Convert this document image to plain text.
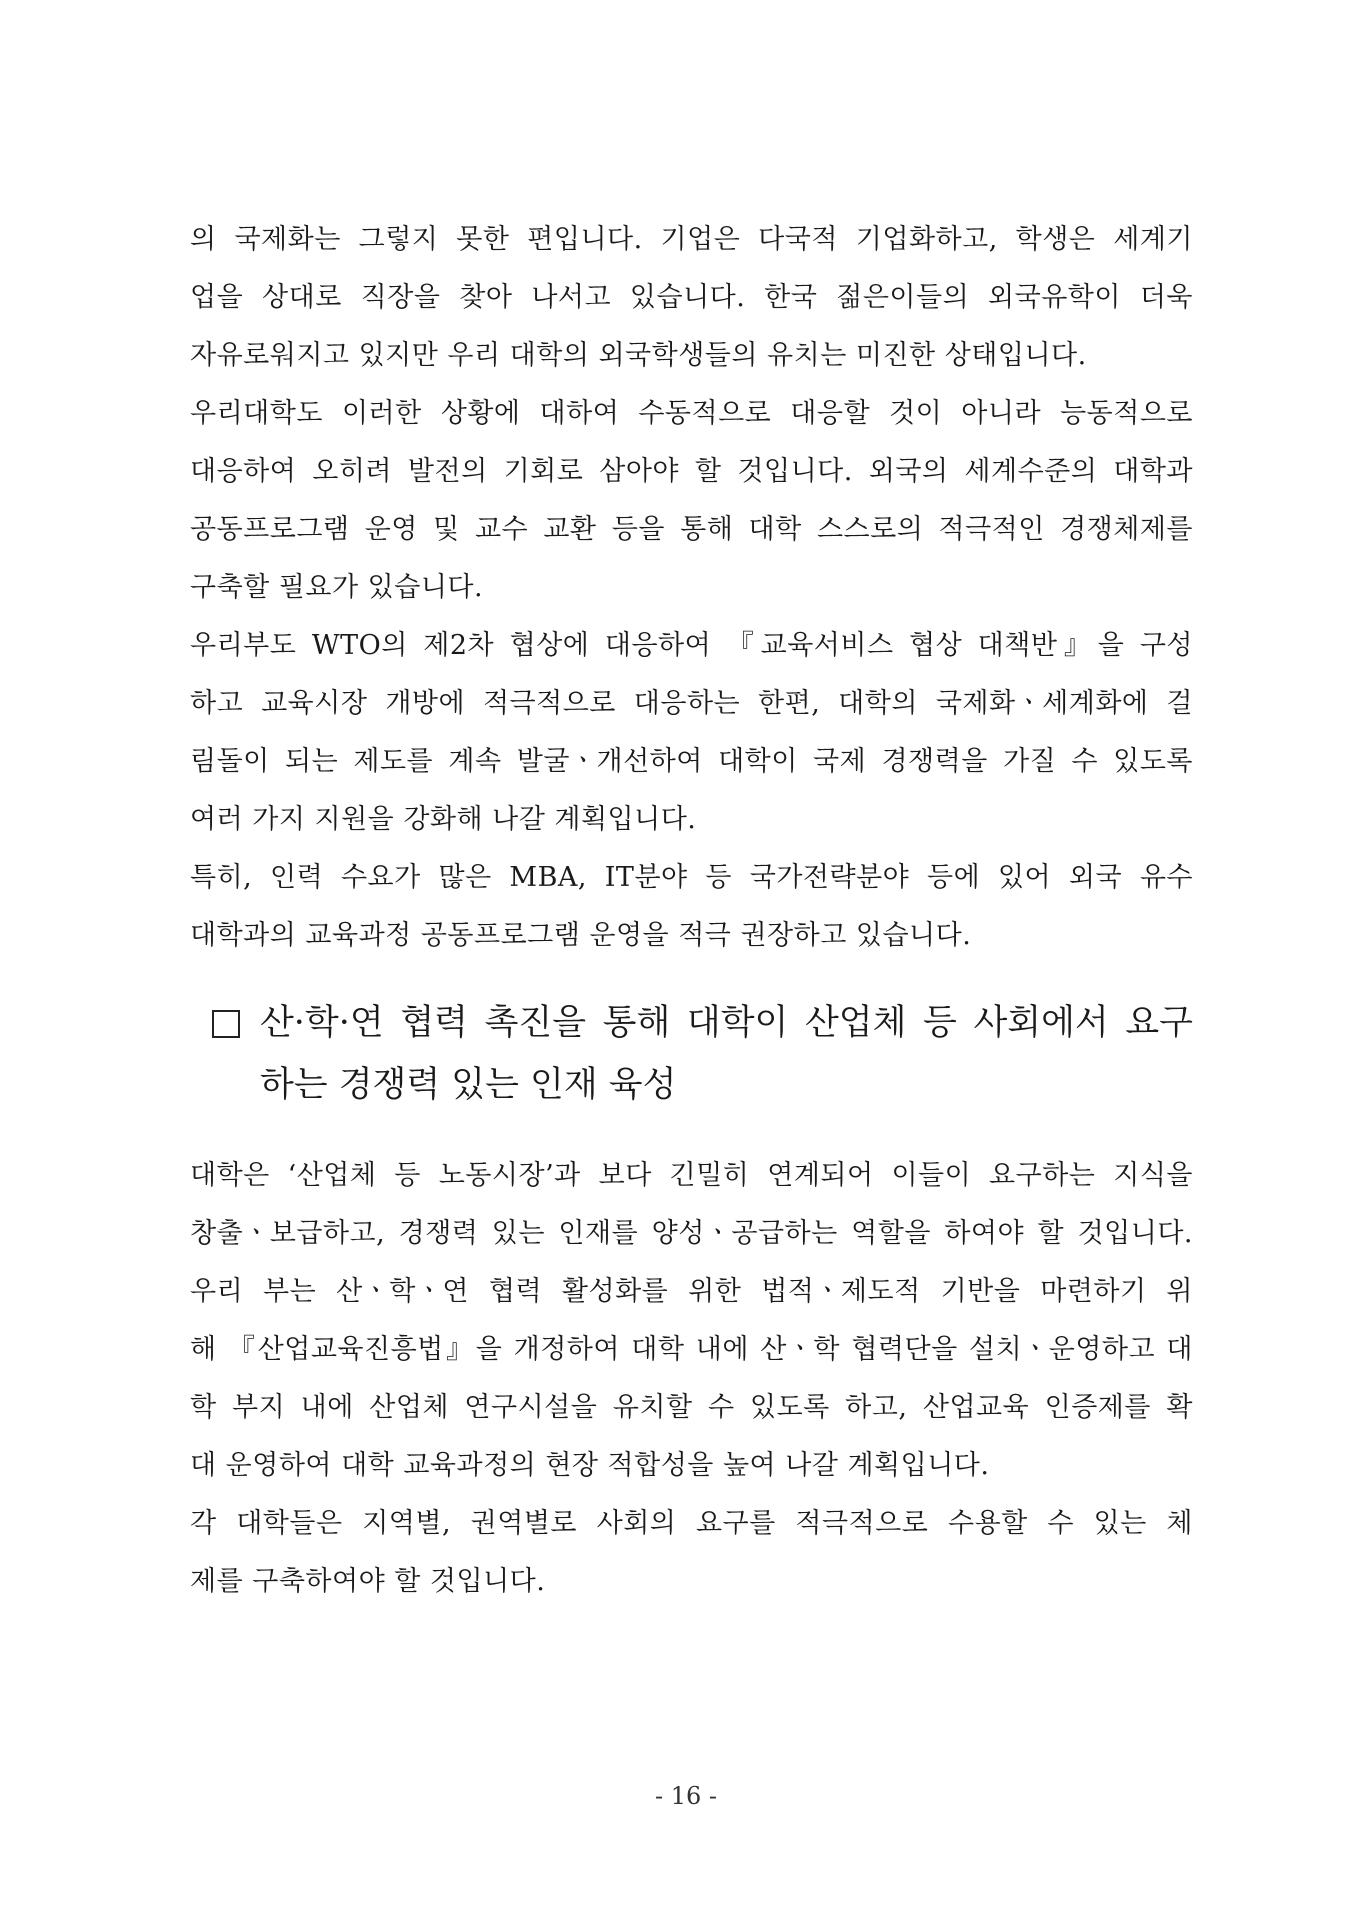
의 국제화는 그렇지 못한 편입니다. 기업은 다국적 기업화하고, 학생은 세계기
업을 상대로 직장을 찾아 나서고 있습니다. 한국 젊은이들의 외국유학이 더욱
자유로워지고 있지만 우리 대학의 외국학생들의 유치는 미진한 상태입니다.
우리대학도 이러한 상황에 대하여 수동적으로 대응할 것이 아니라 능동적으로
대응하여 오히려 발전의 기회로 삼아야 할 것입니다. 외국의 세계수준의 대학과
공동프로그램 운영 및 교수 교환 등을 통해 대학 스스로의 적극적인 경쟁체제를
구축할 필요가 있습니다.
우리부도 WTO의 제2차 협상에 대응하여 『교육서비스 협상 대책반』을 구성
하고 교육시장 개방에 적극적으로 대응하는 한편, 대학의 국제화ㆍ세계화에 걸
림돌이 되는 제도를 계속 발굴ㆍ개선하여 대학이 국제 경쟁력을 가질 수 있도록
여러 가지 지원을 강화해 나갈 계획입니다.
특히, 인력 수요가 많은 MBA, IT분야 등 국가전략분야 등에 있어 외국 유수
대학과의 교육과정 공동프로그램 운영을 적극 권장하고 있습니다.
산·학·연 협력 촉진을 통해 대학이 산업체 등 사회에서 요구
하는 경쟁력 있는 인재 육성
대학은 ‘산업체 등 노동시장’과 보다 긴밀히 연계되어 이들이 요구하는 지식을
창출ㆍ보급하고, 경쟁력 있는 인재를 양성ㆍ공급하는 역할을 하여야 할 것입니다.
우리 부는 산ㆍ학ㆍ연 협력 활성화를 위한 법적ㆍ제도적 기반을 마련하기 위
해 『산업교육진흥법』을 개정하여 대학 내에 산ㆍ학 협력단을 설치ㆍ운영하고 대
학 부지 내에 산업체 연구시설을 유치할 수 있도록 하고, 산업교육 인증제를 확
대 운영하여 대학 교육과정의 현장 적합성을 높여 나갈 계획입니다.
각 대학들은 지역별, 권역별로 사회의 요구를 적극적으로 수용할 수 있는 체
제를 구축하여야 할 것입니다.
- 16 -
